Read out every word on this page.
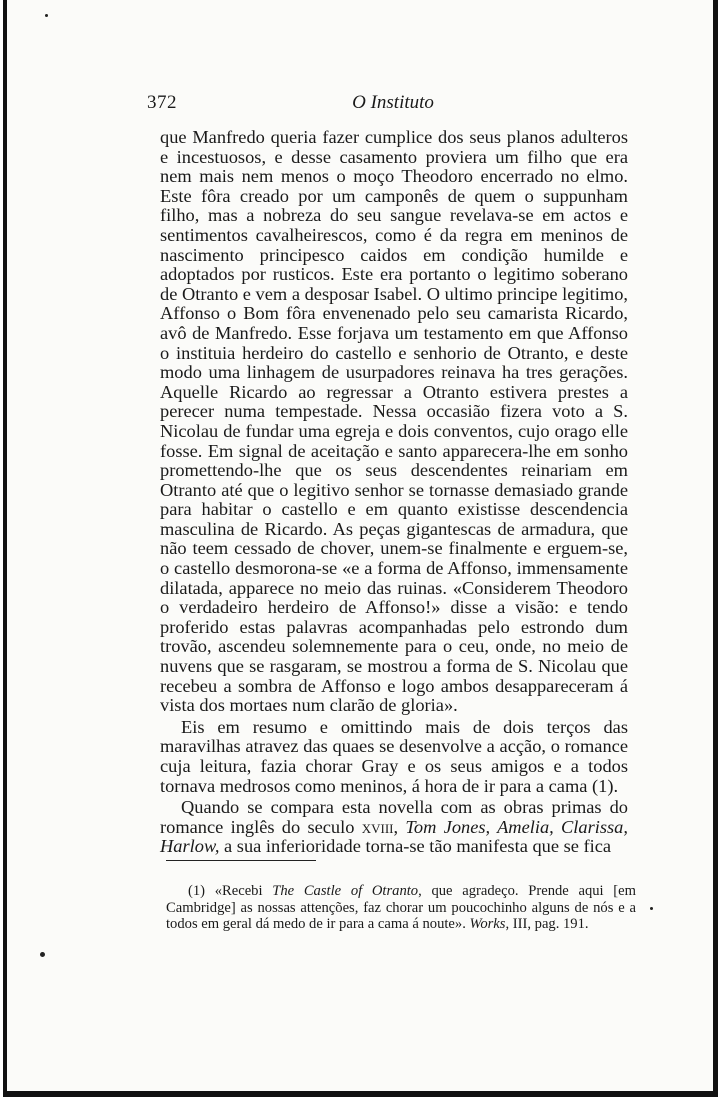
372	O Instituto

que Manfredo queria fazer cumplice dos seus planos adulteros e incestuosos, e desse casamento proviera um filho que era nem mais nem menos o moço Theodoro encerrado no elmo. Este fôra creado por um camponês de quem o suppunham filho, mas a nobreza do seu sangue revelava-se em actos e sentimentos cavalheirescos, como é da regra em meninos de nascimento principesco caidos em condição humilde e adoptados por rusticos. Este era portanto o legitimo soberano de Otranto e vem a desposar Isabel. O ultimo principe legitimo, Affonso o Bom fôra envenenado pelo seu camarista Ricardo, avô de Manfredo. Esse forjava um testamento em que Affonso o instituia herdeiro do castello e senhorio de Otranto, e deste modo uma linhagem de usurpadores reinava ha tres gerações. Aquelle Ricardo ao regressar a Otranto estivera prestes a perecer numa tempestade. Nessa occasião fizera voto a S. Nicolau de fundar uma egreja e dois conventos, cujo orago elle fosse. Em signal de aceitação e santo apparecera-lhe em sonho promettendo-lhe que os seus descendentes reinariam em Otranto até que o legitivo senhor se tornasse demasiado grande para habitar o castello e em quanto existisse descendencia masculina de Ricardo. As peças gigantescas de armadura, que não teem cessado de chover, unem-se finalmente e erguem-se, o castello desmorona-se «e a forma de Affonso, immensamente dilatada, apparece no meio das ruinas. «Considerem Theodoro o verdadeiro herdeiro de Affonso!» disse a visão: e tendo proferido estas palavras acompanhadas pelo estrondo dum trovão, ascendeu solemnemente para o ceu, onde, no meio de nuvens que se rasgaram, se mostrou a forma de S. Nicolau que recebeu a sombra de Affonso e logo ambos desappareceram á vista dos mortaes num clarão de gloria».

Eis em resumo e omittindo mais de dois terços das maravilhas atravez das quaes se desenvolve a acção, o romance cuja leitura, fazia chorar Gray e os seus amigos e a todos tornava medrosos como meninos, á hora de ir para a cama (1).

Quando se compara esta novella com as obras primas do romance inglês do seculo xviii, Tom Jones, Amelia, Clarissa, Harlow, a sua inferioridade torna-se tão manifesta que se fica

(1) «Recebi The Castle of Otranto, que agradeço. Prende aqui [em Cambridge] as nossas attenções, faz chorar um poucochinho alguns de nós e a todos em geral dá medo de ir para a cama á noute». Works, III, pag. 191.
